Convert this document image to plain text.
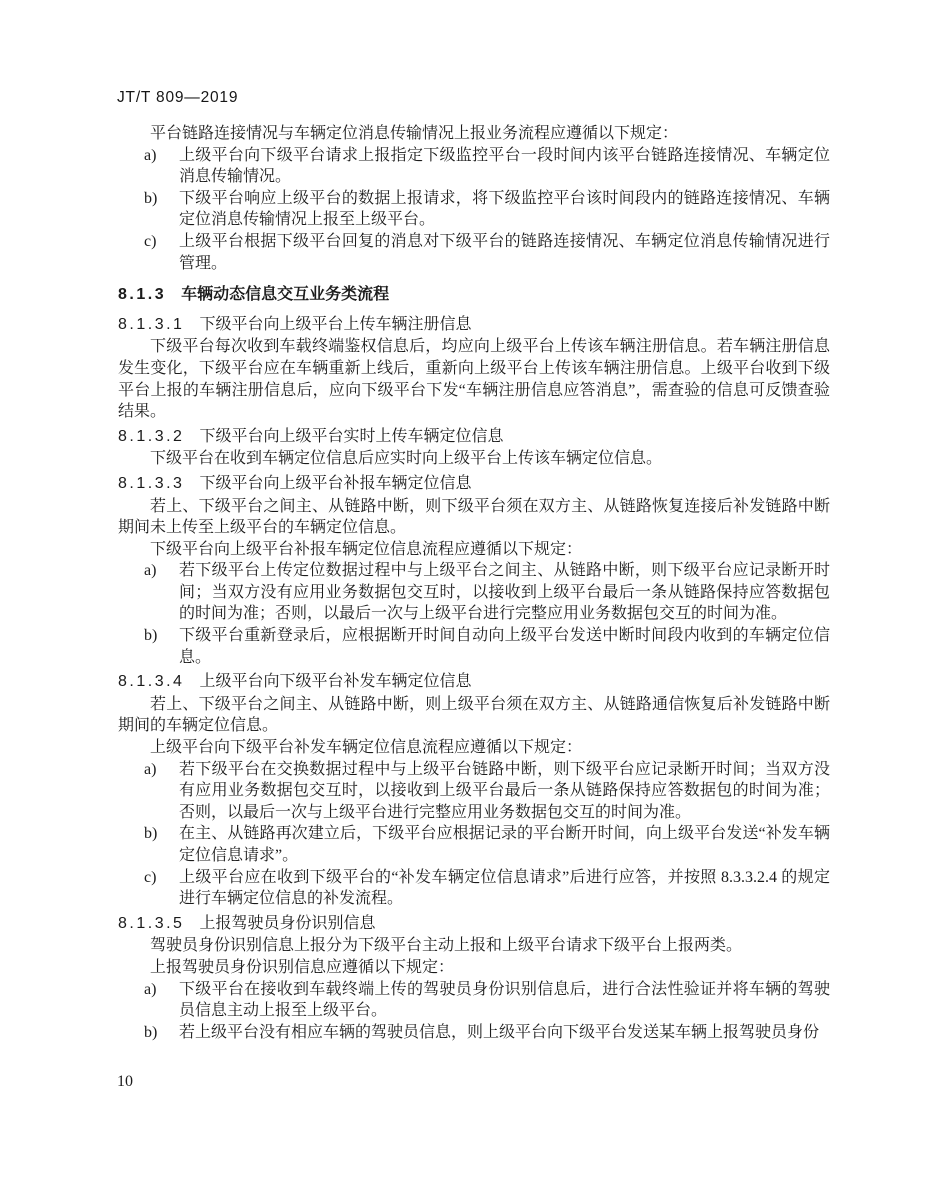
JT/T 809—2019

平台链路连接情况与车辆定位消息传输情况上报业务流程应遵循以下规定：

a)	上级平台向下级平台请求上报指定下级监控平台一段时间内该平台链路连接情况、车辆定位消息传输情况。
b)	下级平台响应上级平台的数据上报请求，将下级监控平台该时间段内的链路连接情况、车辆定位消息传输情况上报至上级平台。
c)	上级平台根据下级平台回复的消息对下级平台的链路连接情况、车辆定位消息传输情况进行管理。
8.1.3 车辆动态信息交互业务类流程
8.1.3.1 下级平台向上级平台上传车辆注册信息

下级平台每次收到车载终端鉴权信息后，均应向上级平台上传该车辆注册信息。若车辆注册信息发生变化，下级平台应在车辆重新上线后，重新向上级平台上传该车辆注册信息。上级平台收到下级平台上报的车辆注册信息后，应向下级平台下发“车辆注册信息应答消息”，需查验的信息可反馈查验结果。

8.1.3.2 下级平台向上级平台实时上传车辆定位信息

下级平台在收到车辆定位信息后应实时向上级平台上传该车辆定位信息。

8.1.3.3 下级平台向上级平台补报车辆定位信息

若上、下级平台之间主、从链路中断，则下级平台须在双方主、从链路恢复连接后补发链路中断期间未上传至上级平台的车辆定位信息。

下级平台向上级平台补报车辆定位信息流程应遵循以下规定：

a)	若下级平台上传定位数据过程中与上级平台之间主、从链路中断，则下级平台应记录断开时间；当双方没有应用业务数据包交互时，以接收到上级平台最后一条从链路保持应答数据包的时间为准；否则，以最后一次与上级平台进行完整应用业务数据包交互的时间为准。
b)	下级平台重新登录后，应根据断开时间自动向上级平台发送中断时间段内收到的车辆定位信息。
8.1.3.4 上级平台向下级平台补发车辆定位信息

若上、下级平台之间主、从链路中断，则上级平台须在双方主、从链路通信恢复后补发链路中断期间的车辆定位信息。

上级平台向下级平台补发车辆定位信息流程应遵循以下规定：

a)	若下级平台在交换数据过程中与上级平台链路中断，则下级平台应记录断开时间；当双方没有应用业务数据包交互时，以接收到上级平台最后一条从链路保持应答数据包的时间为准；否则，以最后一次与上级平台进行完整应用业务数据包交互的时间为准。
b)	在主、从链路再次建立后，下级平台应根据记录的平台断开时间，向上级平台发送“补发车辆定位信息请求”。
c)	上级平台应在收到下级平台的“补发车辆定位信息请求”后进行应答，并按照 8.3.3.2.4 的规定进行车辆定位信息的补发流程。
8.1.3.5 上报驾驶员身份识别信息

驾驶员身份识别信息上报分为下级平台主动上报和上级平台请求下级平台上报两类。

上报驾驶员身份识别信息应遵循以下规定：

a)	下级平台在接收到车载终端上传的驾驶员身份识别信息后，进行合法性验证并将车辆的驾驶员信息主动上报至上级平台。
b)	若上级平台没有相应车辆的驾驶员信息，则上级平台向下级平台发送某车辆上报驾驶员身份
10
